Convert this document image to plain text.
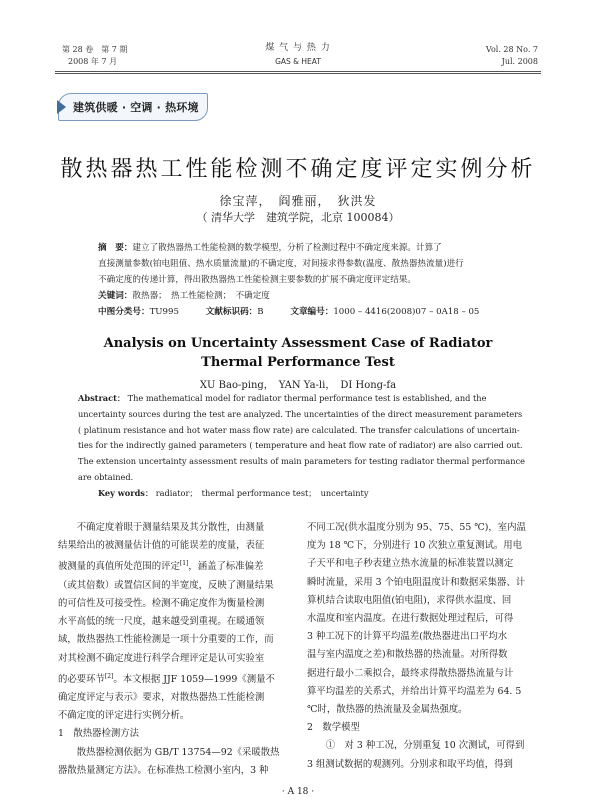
第 28 卷　第 7 期
2008 年 7 月
煤 气 与 热 力
GAS & HEAT
Vol. 28 No. 7
Jul. 2008
建筑供暖 · 空调 · 热环境
散热器热工性能检测不确定度评定实例分析
徐宝萍，　阎雅丽，　狄洪发
（ 清华大学　建筑学院，北京 100084）
摘　要：建立了散热器热工性能检测的数学模型，分析了检测过程中不确定度来源。计算了
直接测量参数(铂电阻值、热水质量流量)的不确定度，对间接求得参数(温度、散热器热流量)进行
不确定度的传递计算，得出散热器热工性能检测主要参数的扩展不确定度评定结果。
关键词：散热器；　热工性能检测；　不确定度
中图分类号：TU995	文献标识码：B	文章编号：1000 – 4416(2008)07 – 0A18 – 05
Analysis on Uncertainty Assessment Case of Radiator
Thermal Performance Test
XU Bao-ping，　YAN Ya-li，　DI Hong-fa
Abstract： The mathematical model for radiator thermal performance test is established, and the
uncertainty sources during the test are analyzed. The uncertainties of the direct measurement parameters
( platinum resistance and hot water mass flow rate) are calculated. The transfer calculations of uncertain-
ties for the indirectly gained parameters ( temperature and heat flow rate of radiator) are also carried out.
The extension uncertainty assessment results of main parameters for testing radiator thermal performance
are obtained.
Key words： radiator；　thermal performance test；　uncertainty

不确定度着眼于测量结果及其分散性，由测量

结果给出的被测量估计值的可能误差的度量，表征
被测量的真值所处范围的评定[1]，涵盖了标准偏差
（或其倍数）或置信区间的半宽度，反映了测量结果
的可信性及可接受性。检测不确定度作为衡量检测
水平高低的统一尺度，越来越受到重视。在暖通领
域，散热器热工性能检测是一项十分重要的工作，而
对其检测不确定度进行科学合理评定是认可实验室
的必要环节[2]。本文根据 JJF 1059—1999《测量不
确定度评定与表示》要求，对散热器热工性能检测
不确定度的评定进行实例分析。
1　散热器检测方法

散热器检测依据为 GB/T 13754—92《采暖散热

器散热量测定方法》。在标准热工检测小室内，3 种
不同工况(供水温度分别为 95、75、55 ℃)，室内温
度为 18 ℃下，分别进行 10 次独立重复测试。用电
子天平和电子秒表建立热水流量的标准装置以测定
瞬时流量，采用 3 个铂电阻温度计和数据采集器、计
算机结合读取电阻值(铂电阻)，求得供水温度、回
水温度和室内温度。在进行数据处理过程后，可得
3 种工况下的计算平均温差(散热器进出口平均水
温与室内温度之差)和散热器的热流量。对所得数
据进行最小二乘拟合，最终求得散热器热流量与计
算平均温差的关系式，并给出计算平均温差为 64. 5
℃时，散热器的热流量及金属热强度。
2　数学模型

①　对 3 种工况，分别重复 10 次测试，可得到

3 组测试数据的观测列。分别求和取平均值，得到
· A 18 ·
